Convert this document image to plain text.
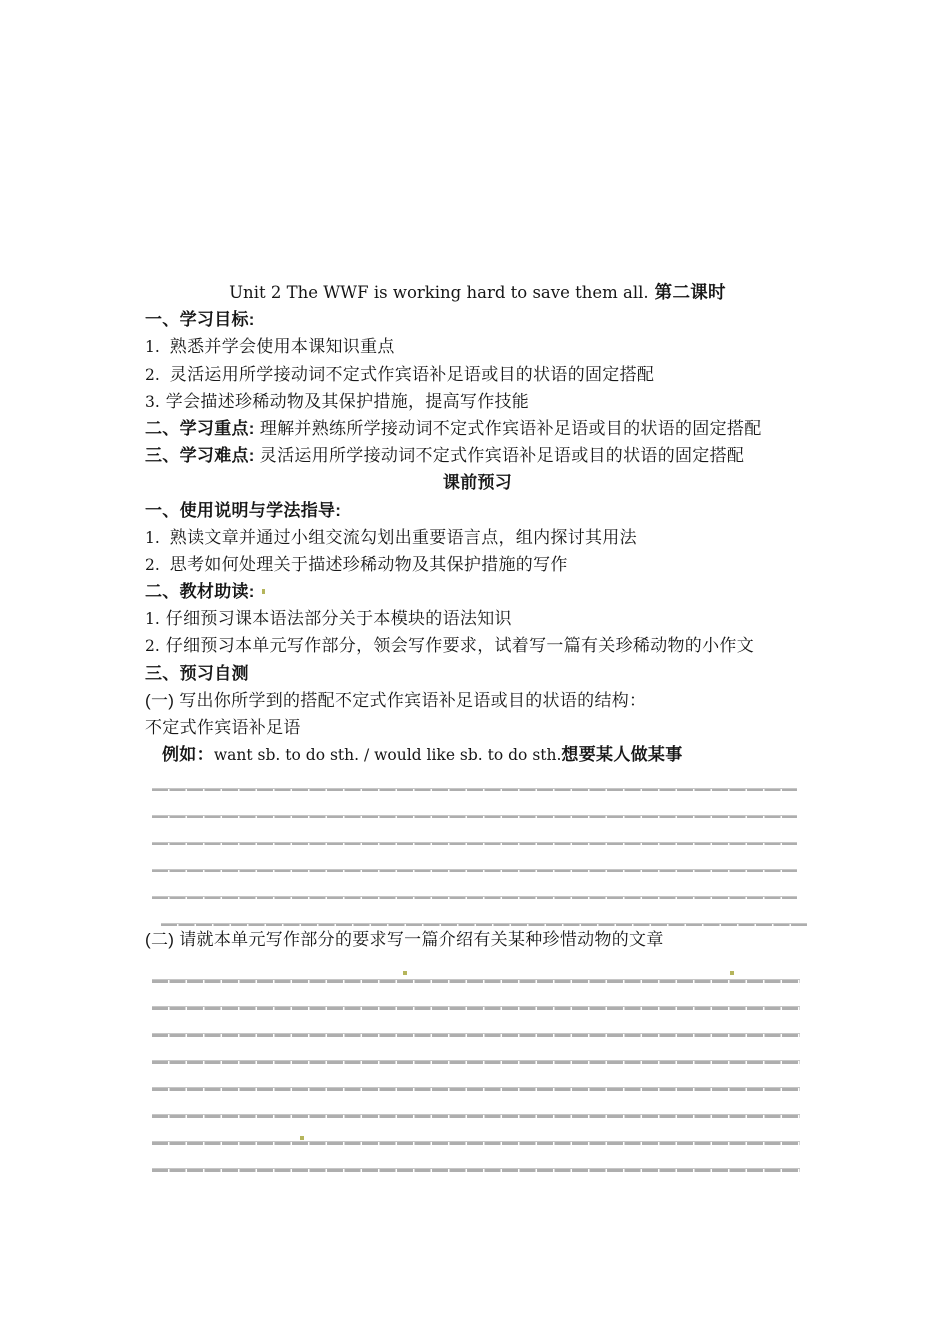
Unit 2 The WWF is working hard to save them all. 第二课时
一、学习目标:
1. 熟悉并学会使用本课知识重点
2. 灵活运用所学接动词不定式作宾语补足语或目的状语的固定搭配
3. 学会描述珍稀动物及其保护措施，提高写作技能
二、学习重点: 理解并熟练所学接动词不定式作宾语补足语或目的状语的固定搭配
三、学习难点: 灵活运用所学接动词不定式作宾语补足语或目的状语的固定搭配
课前预习
一、使用说明与学法指导:
1. 熟读文章并通过小组交流勾划出重要语言点，组内探讨其用法
2. 思考如何处理关于描述珍稀动物及其保护措施的写作
二、教材助读:
1. 仔细预习课本语法部分关于本模块的语法知识
2. 仔细预习本单元写作部分，领会写作要求，试着写一篇有关珍稀动物的小作文
三、预习自测
(一) 写出你所学到的搭配不定式作宾语补足语或目的状语的结构：
不定式作宾语补足语
例如：want sb. to do sth. / would like sb. to do sth.想要某人做某事
(二) 请就本单元写作部分的要求写一篇介绍有关某种珍惜动物的文章
